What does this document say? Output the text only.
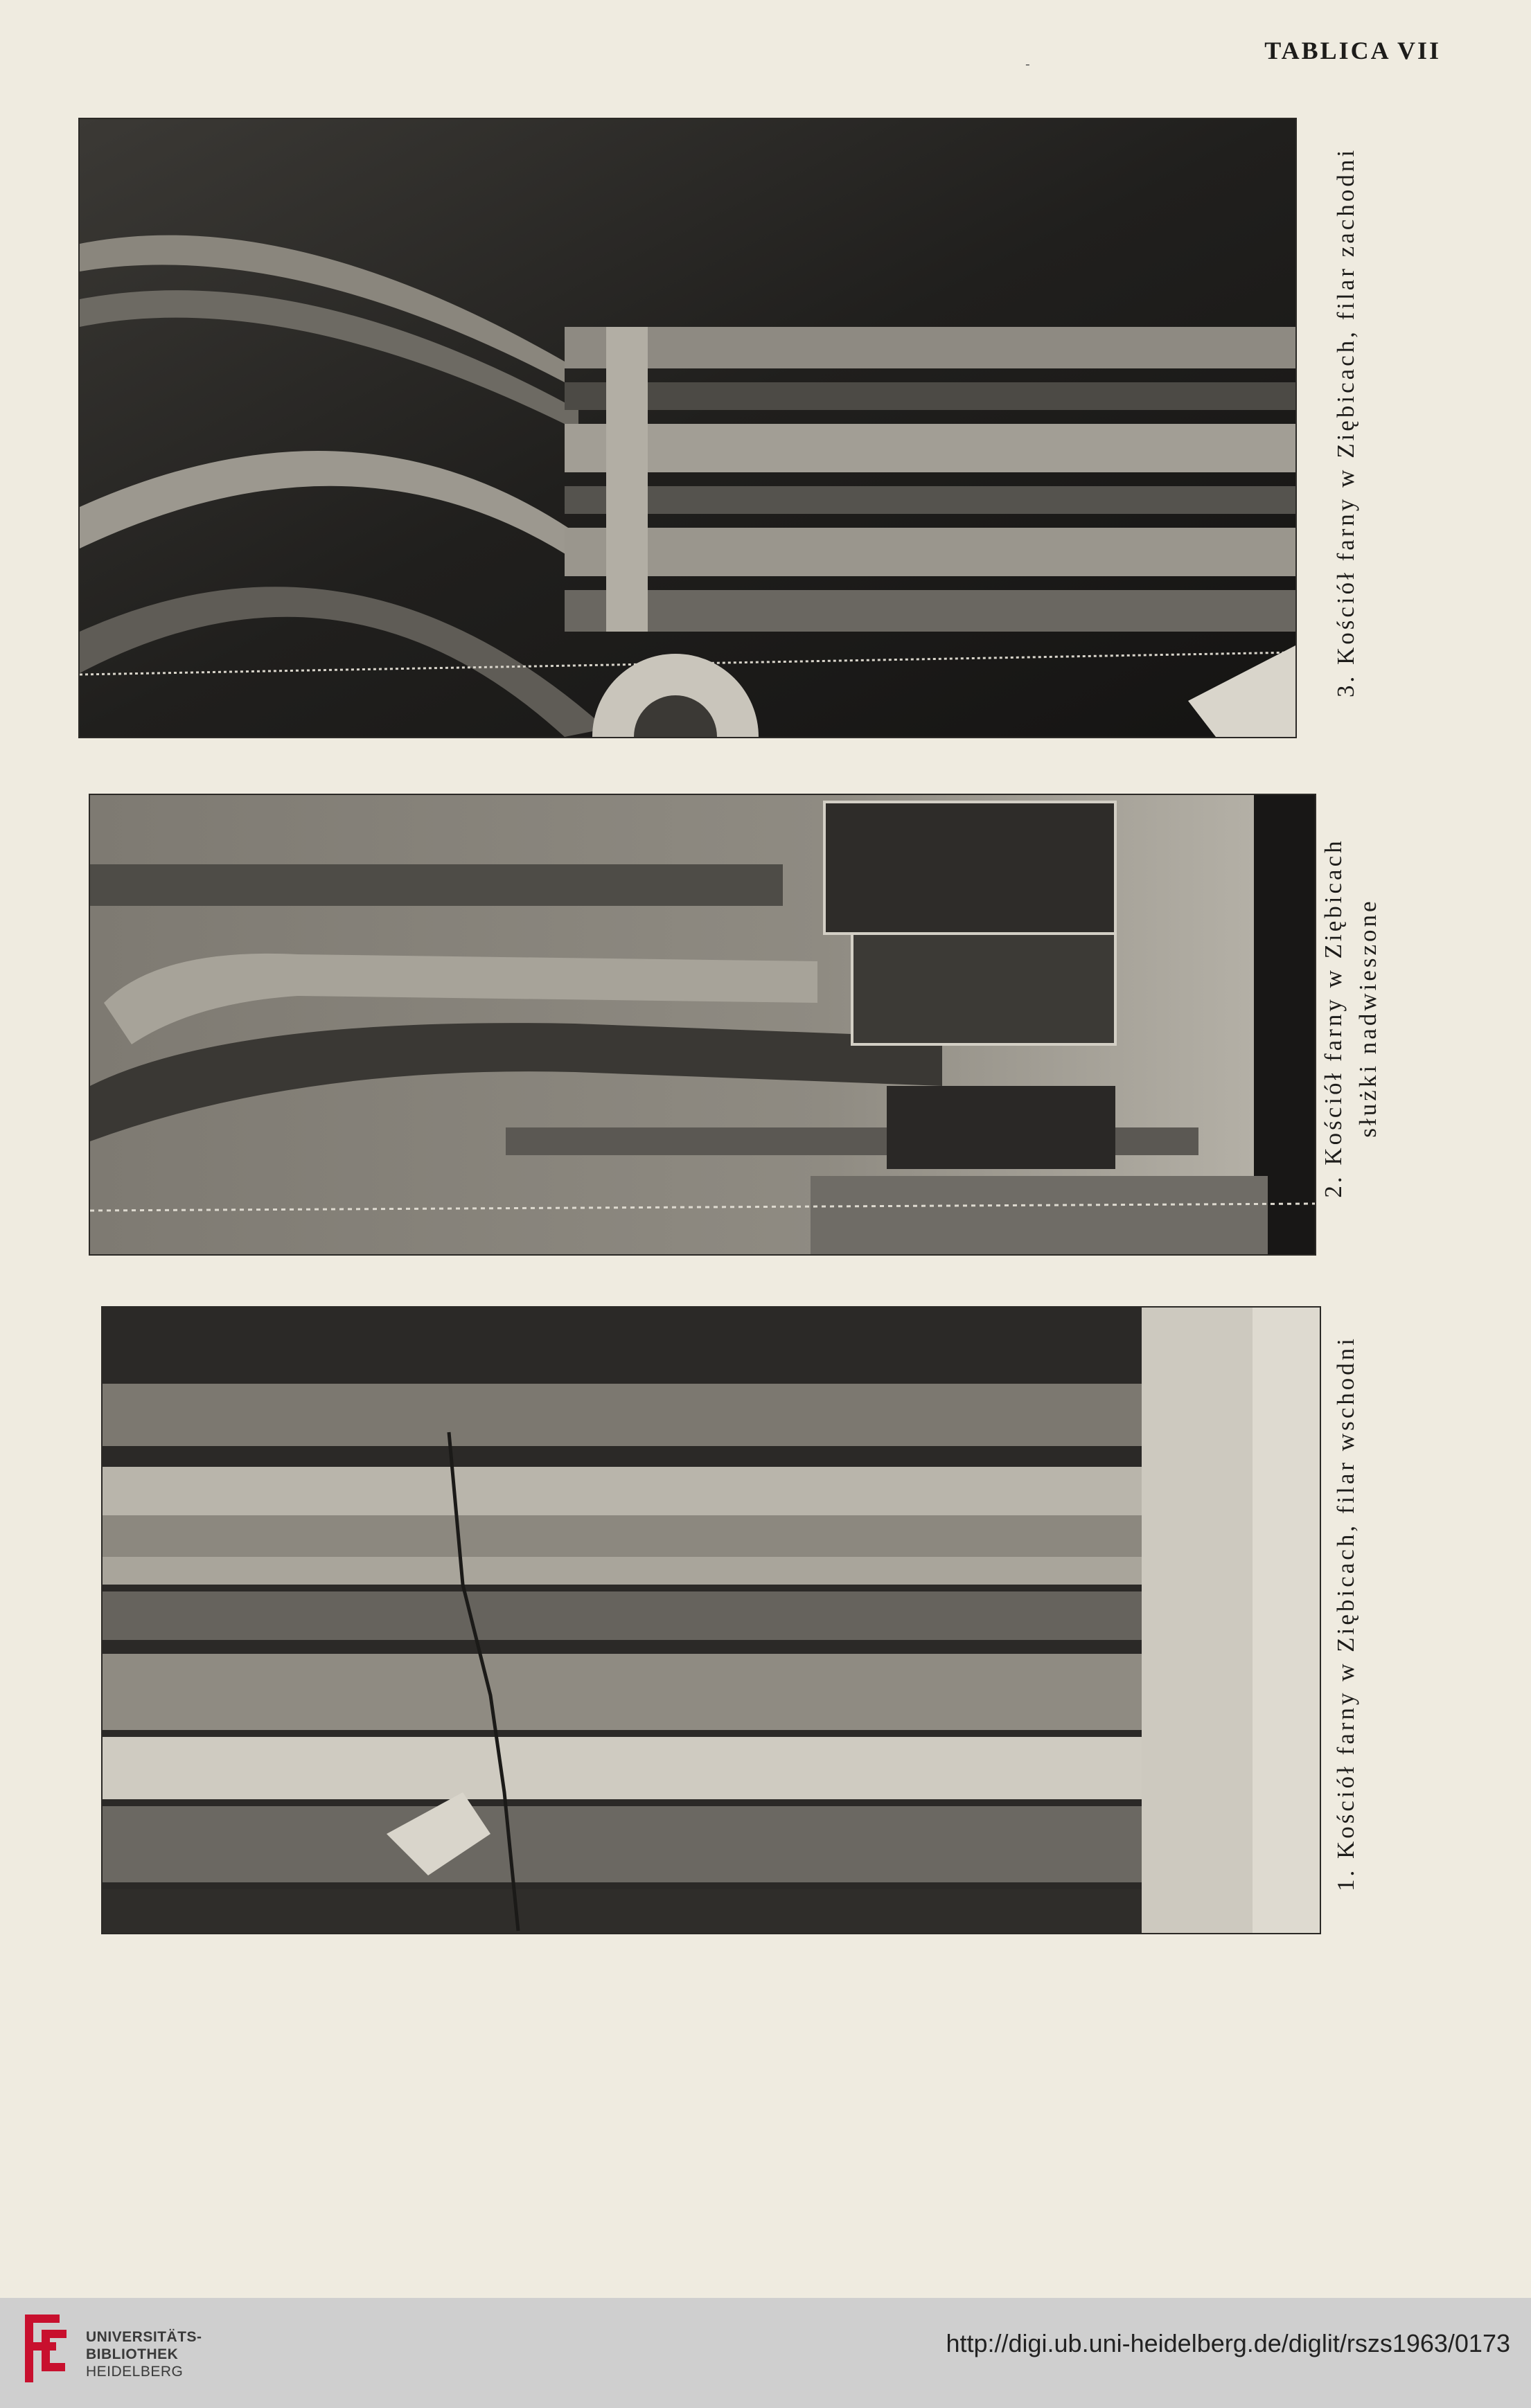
TABLICA VII
-
3. Kościół farny w Ziębicach, filar zachodni
2. Kościół farny w Ziębicach służki nadwieszone
1. Kościół farny w Ziębicach, filar wschodni
UNIVERSITÄTS-
BIBLIOTHEK
HEIDELBERG
http://digi.ub.uni-heidelberg.de/diglit/rszs1963/0173
